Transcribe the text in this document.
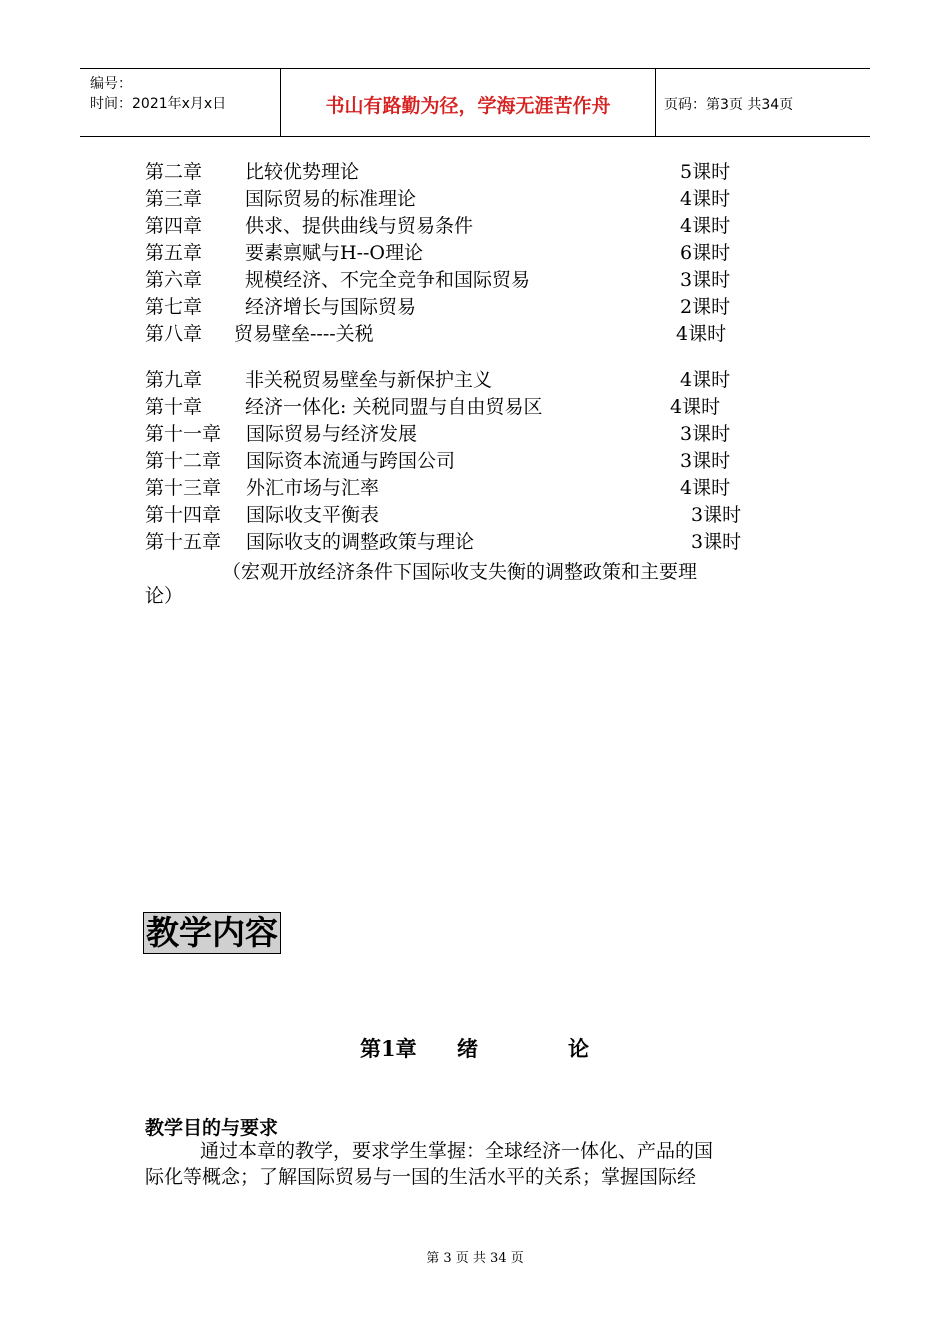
编号：
时间：2021年x月x日	书山有路勤为径，学海无涯苦作舟	页码：第3页 共34页
第二章 比较优势理论	5课时
第三章 国际贸易的标准理论	4课时
第四章 供求、提供曲线与贸易条件	4课时
第五章 要素禀赋与H--O理论	6课时
第六章 规模经济、不完全竞争和国际贸易	3课时
第七章 经济增长与国际贸易	2课时
第八章 贸易壁垒----关税	4课时
第九章 非关税贸易壁垒与新保护主义	4课时
第十章 经济一体化: 关税同盟与自由贸易区	4课时
第十一章 国际贸易与经济发展	3课时
第十二章 国际资本流通与跨国公司	3课时
第十三章 外汇市场与汇率	4课时
第十四章 国际收支平衡表	3课时
第十五章 国际收支的调整政策与理论	3课时
（宏观开放经济条件下国际收支失衡的调整政策和主要理
论）
教学内容
第1章 绪	论
教学目的与要求
通过本章的教学，要求学生掌握：全球经济一体化、产品的国
际化等概念；了解国际贸易与一国的生活水平的关系；掌握国际经
第 3 页 共 34 页
